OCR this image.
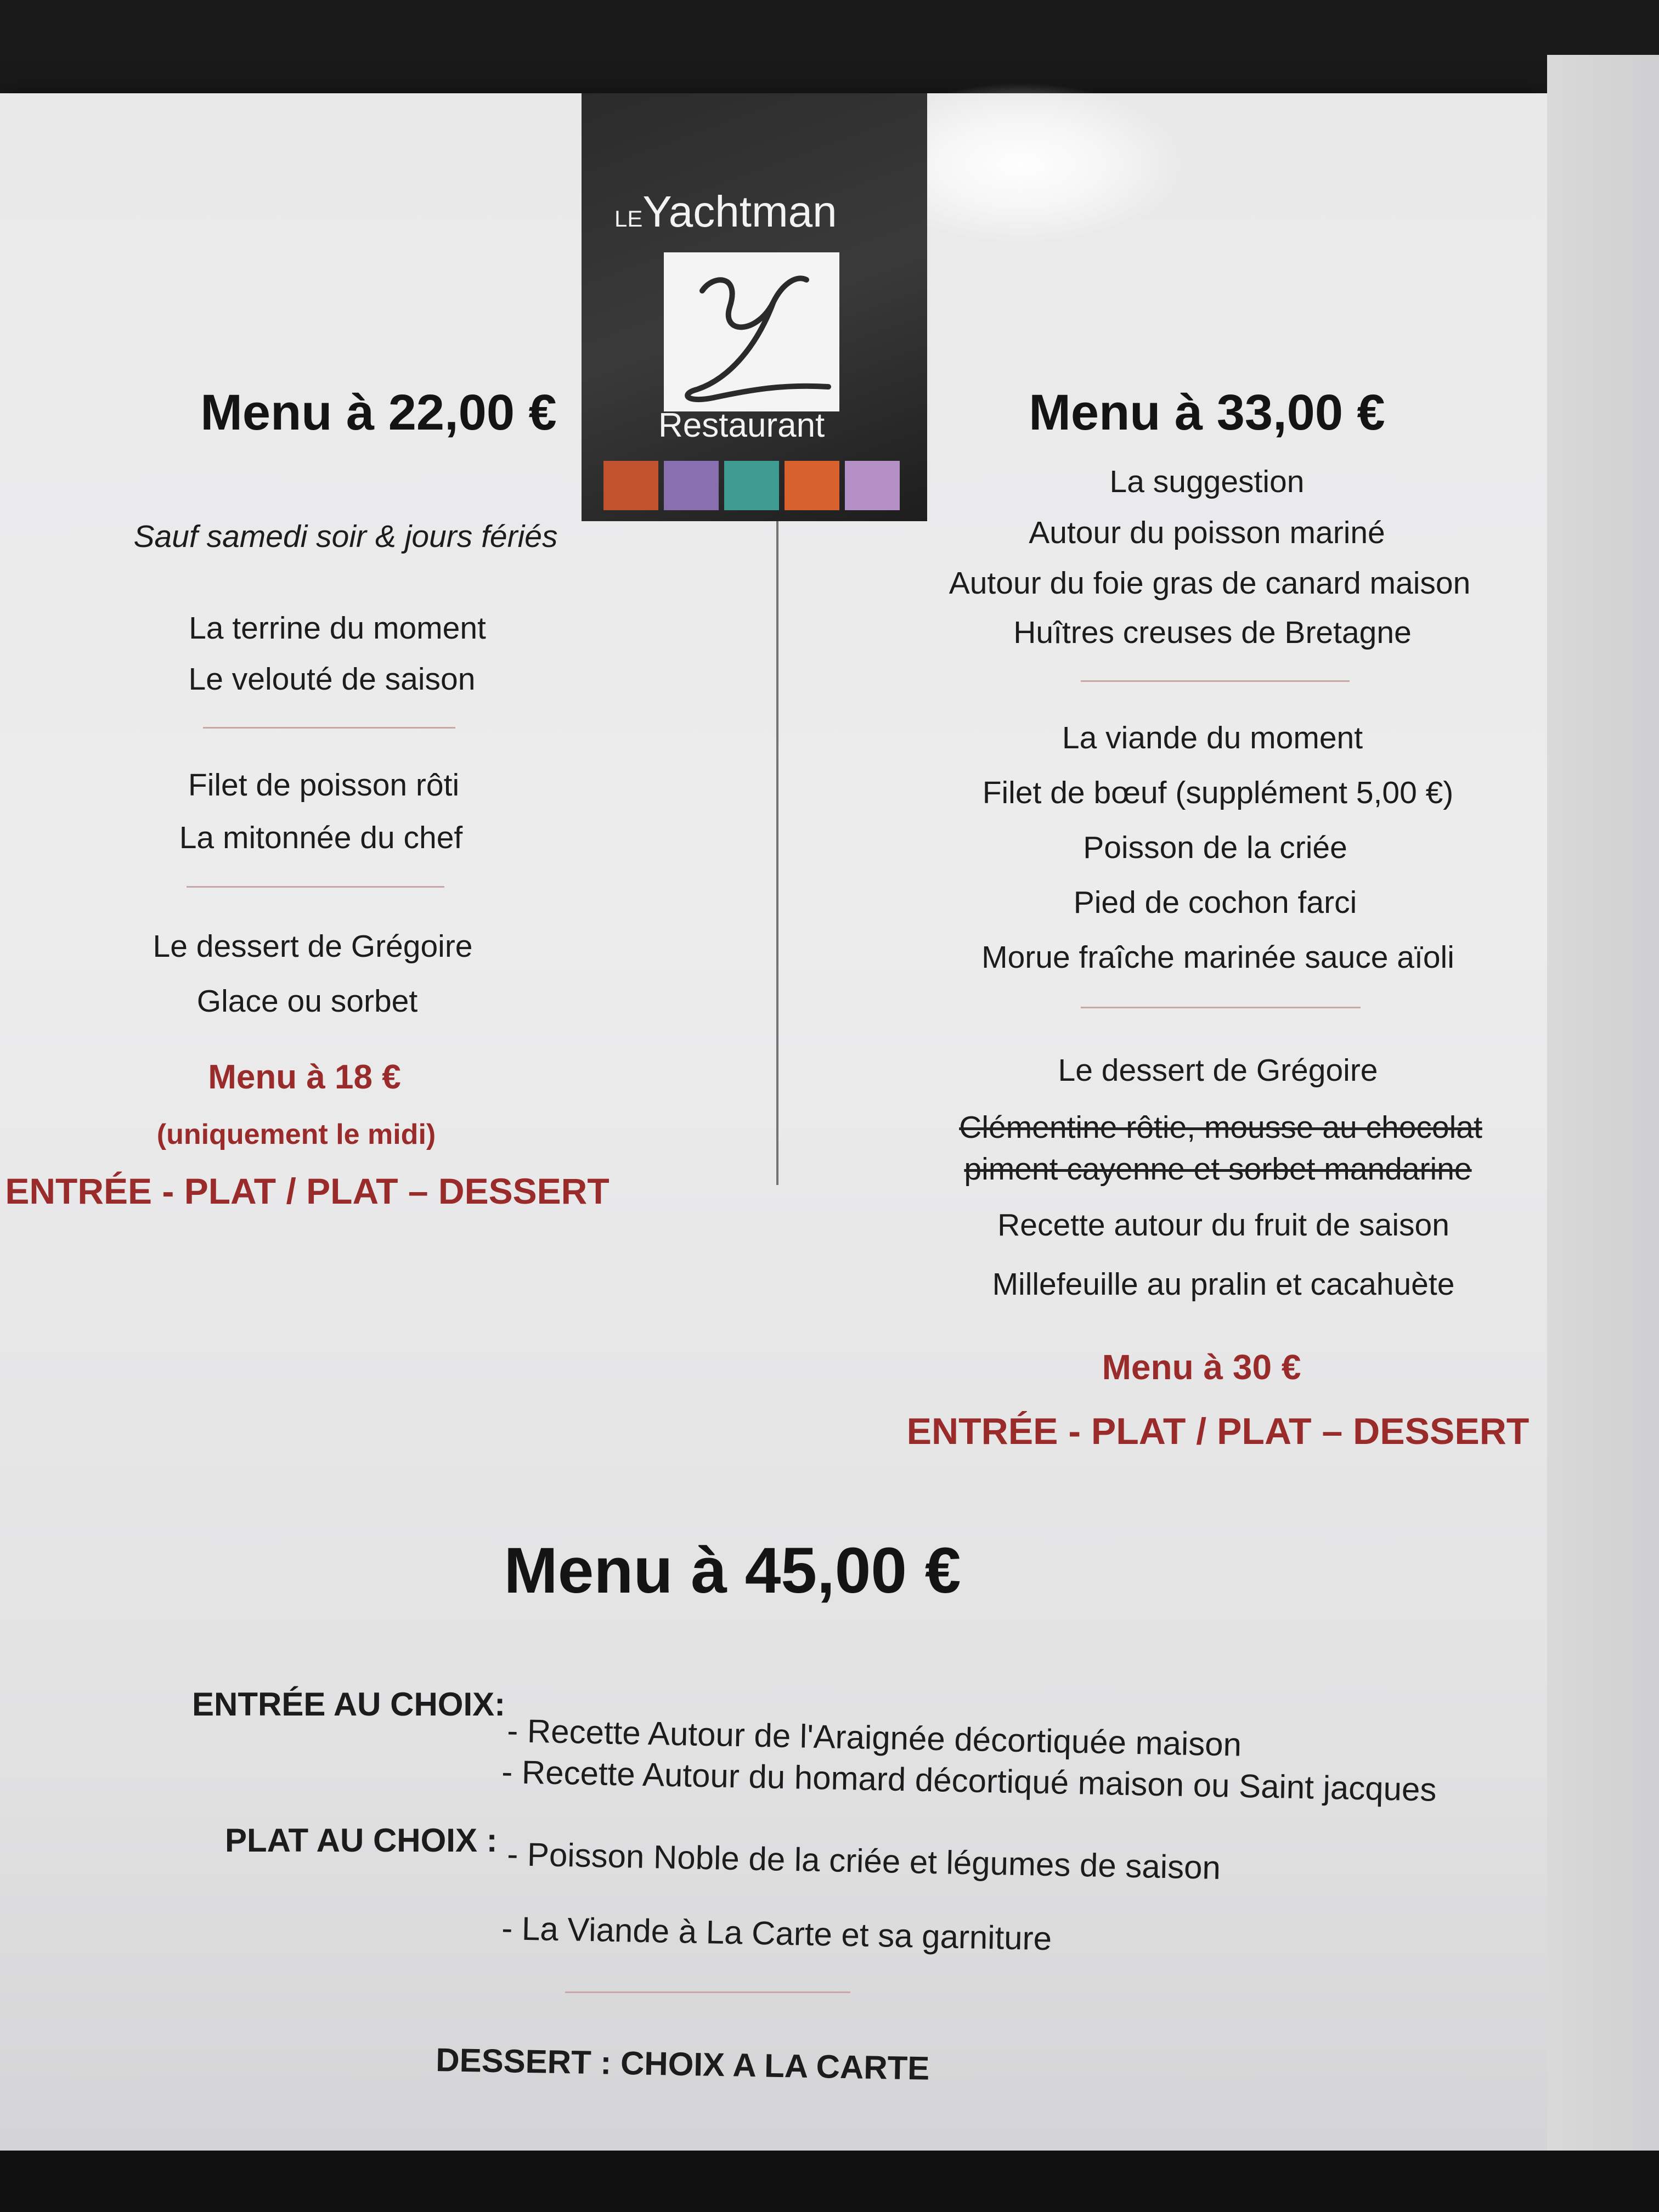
LEYachtman
Restaurant
Menu à 22,00 €
Sauf samedi soir & jours fériés
La terrine du moment
Le velouté de saison
Filet de poisson rôti
La mitonnée du chef
Le dessert de Grégoire
Glace ou sorbet
Menu à 18 €
(uniquement le midi)
ENTRÉE - PLAT / PLAT – DESSERT
Menu à 33,00 €
La suggestion
Autour du poisson mariné
Autour du foie gras de canard maison
Huîtres creuses de Bretagne
La viande du moment
Filet de bœuf (supplément 5,00 €)
Poisson de la criée
Pied de cochon farci
Morue fraîche marinée sauce aïoli
Le dessert de Grégoire
Clémentine rôtie, mousse au chocolat
piment cayenne et sorbet mandarine
Recette autour du fruit de saison
Millefeuille au pralin et cacahuète
Menu à 30 €
ENTRÉE - PLAT / PLAT – DESSERT
Menu à 45,00 €
ENTRÉE AU CHOIX:
- Recette Autour de l'Araignée décortiquée maison
- Recette Autour du homard décortiqué maison ou Saint jacques
PLAT AU CHOIX : - Poisson Noble de la criée et légumes de saison
- La Viande à La Carte et sa garniture
DESSERT : CHOIX A LA CARTE
